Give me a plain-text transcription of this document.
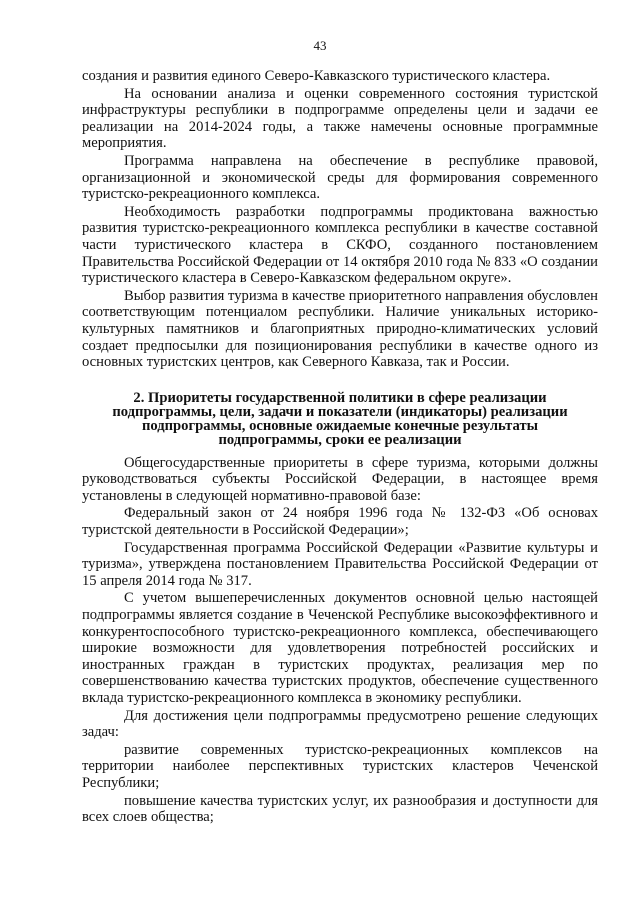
43

создания и развития единого Северо-Кавказского туристического кластера.

На основании анализа и оценки современного состояния туристской инфраструктуры республики в подпрограмме определены цели и задачи ее реализации на 2014-2024 годы, а также намечены основные программные мероприятия.

Программа направлена на обеспечение в республике правовой, организационной и экономической среды для формирования современного туристско-рекреационного комплекса.

Необходимость разработки подпрограммы продиктована важностью развития туристско-рекреационного комплекса республики в качестве составной части туристического кластера в СКФО, созданного постановлением Правительства Российской Федерации от 14 октября 2010 года № 833 «О создании туристического кластера в Северо-Кавказском федеральном округе».

Выбор развития туризма в качестве приоритетного направления обусловлен соответствующим потенциалом республики. Наличие уникальных историко-культурных памятников и благоприятных природно-климатических условий создает предпосылки для позиционирования республики в качестве одного из основных туристских центров, как Северного Кавказа, так и России.

2. Приоритеты государственной политики в сфере реализации подпрограммы, цели, задачи и показатели (индикаторы) реализации подпрограммы, основные ожидаемые конечные результаты подпрограммы, сроки ее реализации

Общегосударственные приоритеты в сфере туризма, которыми должны руководствоваться субъекты Российской Федерации, в настоящее время установлены в следующей нормативно-правовой базе:

Федеральный закон от 24 ноября 1996 года № 132-ФЗ «Об основах туристской деятельности в Российской Федерации»;

Государственная программа Российской Федерации «Развитие культуры и туризма», утверждена постановлением Правительства Российской Федерации от 15 апреля 2014 года № 317.

С учетом вышеперечисленных документов основной целью настоящей подпрограммы является создание в Чеченской Республике высокоэффективного и конкурентоспособного туристско-рекреационного комплекса, обеспечивающего широкие возможности для удовлетворения потребностей российских и иностранных граждан в туристских продуктах, реализация мер по совершенствованию качества туристских продуктов, обеспечение существенного вклада туристско-рекреационного комплекса в экономику республики.

Для достижения цели подпрограммы предусмотрено решение следующих задач:

развитие современных туристско-рекреационных комплексов на территории наиболее перспективных туристских кластеров Чеченской Республики;

повышение качества туристских услуг, их разнообразия и доступности для всех слоев общества;
